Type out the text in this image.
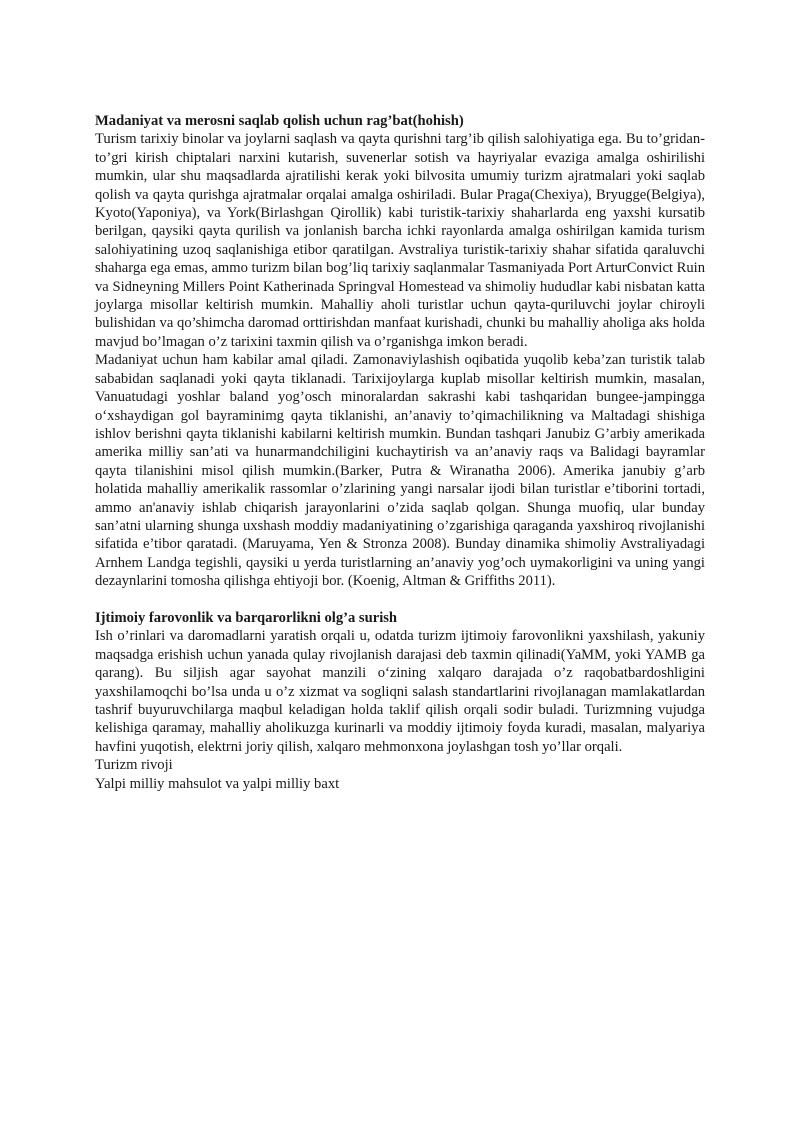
Madaniyat va merosni saqlab qolish uchun rag’bat(hohish)

Turism tarixiy binolar va joylarni saqlash va qayta qurishni targ’ib qilish salohiyatiga ega. Bu to’gridan-to’gri kirish chiptalari narxini kutarish, suvenerlar sotish va hayriyalar evaziga amalga oshirilishi mumkin, ular shu maqsadlarda ajratilishi kerak yoki bilvosita umumiy turizm ajratmalari yoki saqlab qolish va qayta qurishga ajratmalar orqalai amalga oshiriladi. Bular Praga(Chexiya), Bryugge(Belgiya), Kyoto(Yaponiya), va York(Birlashgan Qirollik) kabi turistik-tarixiy shaharlarda eng yaxshi kursatib berilgan, qaysiki qayta qurilish va jonlanish barcha ichki rayonlarda amalga oshirilgan kamida turism salohiyatining uzoq saqlanishiga etibor qaratilgan. Avstraliya turistik-tarixiy shahar sifatida qaraluvchi shaharga ega emas, ammo turizm bilan bog’liq tarixiy saqlanmalar Tasmaniyada Port ArturConvict Ruin va Sidneyning Millers Point Katherinada Springval Homestead va shimoliy hududlar kabi nisbatan katta joylarga misollar keltirish mumkin. Mahalliy aholi turistlar uchun qayta-quriluvchi joylar chiroyli bulishidan va qo’shimcha daromad orttirishdan manfaat kurishadi, chunki bu mahalliy aholiga aks holda mavjud bo’lmagan o’z tarixini taxmin qilish va o’rganishga imkon beradi.

Madaniyat uchun ham kabilar amal qiladi. Zamonaviylashish oqibatida yuqolib keba’zan turistik talab sababidan saqlanadi yoki qayta tiklanadi. Tarixijoylarga kuplab misollar keltirish mumkin, masalan, Vanuatudagi yoshlar baland yog’osch minoralardan sakrashi kabi tashqaridan bungee-jampingga o‘xshaydigan gol bayraminimg qayta tiklanishi, an’anaviy to’qimachilikning va Maltadagi shishiga ishlov berishni qayta tiklanishi kabilarni keltirish mumkin. Bundan tashqari Janubiz G’arbiy amerikada amerika milliy san’ati va hunarmandchiligini kuchaytirish va an’anaviy raqs va Balidagi bayramlar qayta tilanishini misol qilish mumkin.(Barker, Putra & Wiranatha 2006). Amerika janubiy g’arb holatida mahalliy amerikalik rassomlar o’zlarining yangi narsalar ijodi bilan turistlar e’tiborini tortadi, ammo an'anaviy ishlab chiqarish jarayonlarini o’zida saqlab qolgan. Shunga muofiq, ular bunday san’atni ularning shunga uxshash moddiy madaniyatining o’zgarishiga qaraganda yaxshiroq rivojlanishi sifatida e’tibor qaratadi. (Maruyama, Yen & Stronza 2008). Bunday dinamika shimoliy Avstraliyadagi Arnhem Landga tegishli, qaysiki u yerda turistlarning an’anaviy yog’och uymakorligini va uning yangi dezaynlarini tomosha qilishga ehtiyoji bor. (Koenig, Altman & Griffiths 2011).

Ijtimoiy farovonlik va barqarorlikni olg’a surish

Ish o’rinlari va daromadlarni yaratish orqali u, odatda turizm ijtimoiy farovonlikni yaxshilash, yakuniy maqsadga erishish uchun yanada qulay rivojlanish darajasi deb taxmin qilinadi(YaMM, yoki YAMB ga qarang). Bu siljish agar sayohat manzili o‘zining xalqaro darajada o’z raqobatbardoshligini yaxshilamoqchi bo’lsa unda u o’z xizmat va sogliqni salash standartlarini rivojlanagan mamlakatlardan tashrif buyuruvchilarga maqbul keladigan holda taklif qilish orqali sodir buladi. Turizmning vujudga kelishiga qaramay, mahalliy aholikuzga kurinarli va moddiy ijtimoiy foyda kuradi, masalan, malyariya havfini yuqotish, elektrni joriy qilish, xalqaro mehmonxona joylashgan tosh yo’llar orqali.

Turizm rivoji

Yalpi milliy mahsulot va yalpi milliy baxt
